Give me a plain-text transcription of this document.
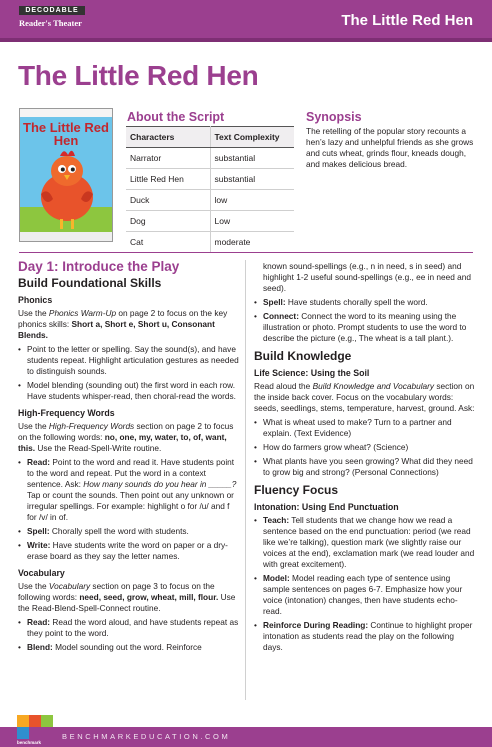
DECODABLE
Reader's Theater	The Little Red Hen
The Little Red Hen
The Little Red Hen
About the Script
Characters	Text Complexity
Narrator	substantial
Little Red Hen	substantial
Duck	low
Dog	Low
Cat	moderate
Synopsis

The retelling of the popular story recounts a hen’s lazy and unhelpful friends as she grows and cuts wheat, grinds flour, kneads dough, and makes delicious bread.

Day 1: Introduce the Play
Build Foundational Skills
Phonics

Use the Phonics Warm-Up on page 2 to focus on the key phonics skills: Short a, Short e, Short u, Consonant Blends.

• Point to the letter or spelling. Say the sound(s), and have students repeat. Highlight articulation gestures as needed to distinguish sounds.
• Model blending (sounding out) the first word in each row. Have students whisper-read, then choral-read the words.
High-Frequency Words

Use the High-Frequency Words section on page 2 to focus on the following words: no, one, my, water, to, of, want, this. Use the Read-Spell-Write routine.

• Read: Point to the word and read it. Have students point to the word and repeat. Put the word in a context sentence. Ask: How many sounds do you hear in _____? Tap or count the sounds. Then point out any unknown or irregular spellings. For example: highlight o for /u/ and f for /v/ in of.
• Spell: Chorally spell the word with students.
• Write: Have students write the word on paper or a dry-erase board as they say the letter names.
Vocabulary

Use the Vocabulary section on page 3 to focus on the following words: need, seed, grow, wheat, mill, flour. Use the Read-Blend-Spell-Connect routine.

• Read: Read the word aloud, and have students repeat as they point to the word.
• Blend: Model sounding out the word. Reinforce

known sound-spellings (e.g., n in need, s in seed) and highlight 1-2 useful sound-spellings (e.g., ee in need and seed).

• Spell: Have students chorally spell the word.
• Connect: Connect the word to its meaning using the illustration or photo. Prompt students to use the word to describe the picture (e.g., The wheat is a tall plant.).
Build Knowledge
Life Science: Using the Soil

Read aloud the Build Knowledge and Vocabulary section on the inside back cover. Focus on the vocabulary words: seeds, seedlings, stems, temperature, harvest, ground. Ask:

• What is wheat used to make? Turn to a partner and explain. (Text Evidence)
• How do farmers grow wheat? (Science)
• What plants have you seen growing? What did they need to grow big and strong? (Personal Connections)
Fluency Focus
Intonation: Using End Punctuation
• Teach: Tell students that we change how we read a sentence based on the end punctuation: period (we read like we’re talking), question mark (we slightly raise our voices at the end), exclamation mark (we read louder and with great excitement).
• Model: Model reading each type of sentence using sample sentences on pages 6-7. Emphasize how your voice (intonation) changes, then have students echo-read.
• Reinforce During Reading: Continue to highlight proper intonation as students read the play on the following days.
benchmark
BENCHMARKEDUCATION.COM
